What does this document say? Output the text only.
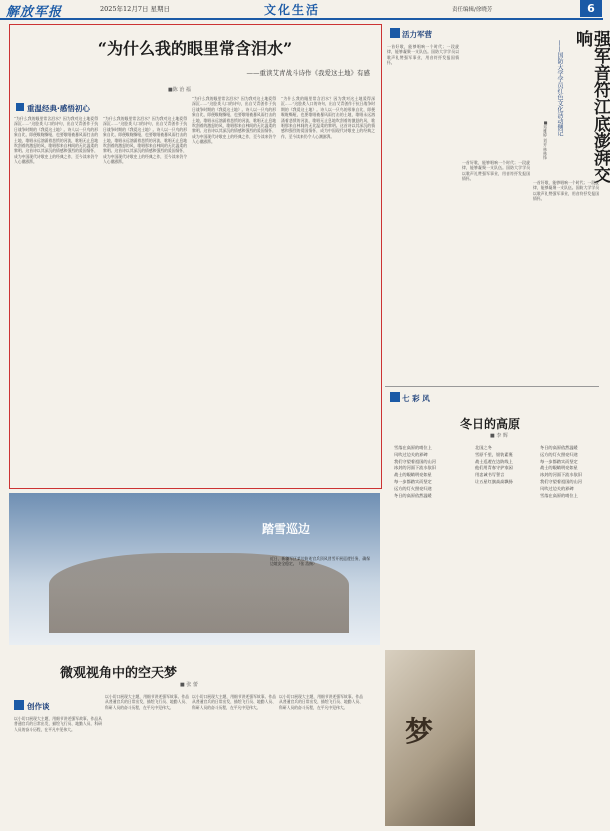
解放军报	2025年12月7日 星期日	文化生活	责任编辑/徐晓芳	6
“为什么我的眼里常含泪水”
——重读艾青战斗诗作《我爱这土地》有感
■陈 治 福
重温经典·感悟初心
“为什么我的眼里常含泪水？因为我对这土地爱得深沉……”这脍炙人口的诗句，出自艾青创作于抗日战争时期的《我爱这土地》。诗人以一只鸟的形象自比，即便喉咙嘶哑，也要歌唱被暴风雨打击的土地，歌唱永远汹涌着悲愤的河流，歌唱无止息地吹刮着的激怒的风，歌唱那来自林间的无比温柔的黎明。这首诗以其深沉的情感和强烈的爱国情怀，成为中国现代诗歌史上的经典之作，至今读来仍令人心潮澎湃。
“为什么我的眼里常含泪水？因为我对这土地爱得深沉……”这脍炙人口的诗句，出自艾青创作于抗日战争时期的《我爱这土地》。诗人以一只鸟的形象自比，即便喉咙嘶哑，也要歌唱被暴风雨打击的土地，歌唱永远汹涌着悲愤的河流，歌唱无止息地吹刮着的激怒的风，歌唱那来自林间的无比温柔的黎明。这首诗以其深沉的情感和强烈的爱国情怀，成为中国现代诗歌史上的经典之作，至今读来仍令人心潮澎湃。
“为什么我的眼里常含泪水？因为我对这土地爱得深沉……”这脍炙人口的诗句，出自艾青创作于抗日战争时期的《我爱这土地》。诗人以一只鸟的形象自比，即便喉咙嘶哑，也要歌唱被暴风雨打击的土地，歌唱永远汹涌着悲愤的河流，歌唱无止息地吹刮着的激怒的风，歌唱那来自林间的无比温柔的黎明。这首诗以其深沉的情感和强烈的爱国情怀，成为中国现代诗歌史上的经典之作，至今读来仍令人心潮澎湃。
“为什么我的眼里常含泪水？因为我对这土地爱得深沉……”这脍炙人口的诗句，出自艾青创作于抗日战争时期的《我爱这土地》。诗人以一只鸟的形象自比，即便喉咙嘶哑，也要歌唱被暴风雨打击的土地，歌唱永远汹涌着悲愤的河流，歌唱无止息地吹刮着的激怒的风，歌唱那来自林间的无比温柔的黎明。这首诗以其深沉的情感和强烈的爱国情怀，成为中国现代诗歌史上的经典之作，至今读来仍令人心潮澎湃。
活力军营
一首好歌，能够唱响一个时代；一段旋律，能够凝聚一支队伍。国防大学学员以歌声礼赞强军事业，用音符抒发报国情怀。
一首好歌，能够唱响一个时代；一段旋律，能够凝聚一支队伍。国防大学学员以歌声礼赞强军事业，用音符抒发报国情怀。
一首好歌，能够唱响一个时代；一段旋律，能够凝聚一支队伍。国防大学学员以歌声礼赞强军事业，用音符抒发报国情怀。
强军音符江底澎湃交响
——国防大学学员红色文化活动侧记
■邓雅婷 刘芳 林林锋
七 彩 风
冬日的高原
■ 李 辉
雪落在高原的哨位上
风吹过边关的界碑
我们守望着祖国的山河
冰封的河面下流水依旧
战士的眼睛明亮如星
每一步都踏实而坚定
远方的灯火照亮归途
冬日的高原依然温暖
北国之冬
雪原千里，银装素裹
战士巡逻在边防线上
他们用青春守护家园
用忠诚书写誓言
让五星红旗高高飘扬
冬日的高原依然温暖
远方的灯火照亮归途
每一步都踏实而坚定
战士的眼睛明亮如星
冰封的河面下流水依旧
我们守望着祖国的山河
风吹过边关的界碑
雪落在高原的哨位上
踏雪巡边
近日，新疆军区某边防连官兵顶风冒雪开展巡逻任务，确保边境安全稳定。（张 浩摄）
微观视角中的空天梦
■ 张 蕾
创作谈
以小切口展现大主题，用细节讲述强军故事。作品从普通官兵的日常出发，描绘飞行员、地勤人员、科研人员的奋斗历程，在平凡中见伟大。
以小切口展现大主题，用细节讲述强军故事。作品从普通官兵的日常出发，描绘飞行员、地勤人员、科研人员的奋斗历程，在平凡中见伟大。
以小切口展现大主题，用细节讲述强军故事。作品从普通官兵的日常出发，描绘飞行员、地勤人员、科研人员的奋斗历程，在平凡中见伟大。
以小切口展现大主题，用细节讲述强军故事。作品从普通官兵的日常出发，描绘飞行员、地勤人员、科研人员的奋斗历程，在平凡中见伟大。
梦
